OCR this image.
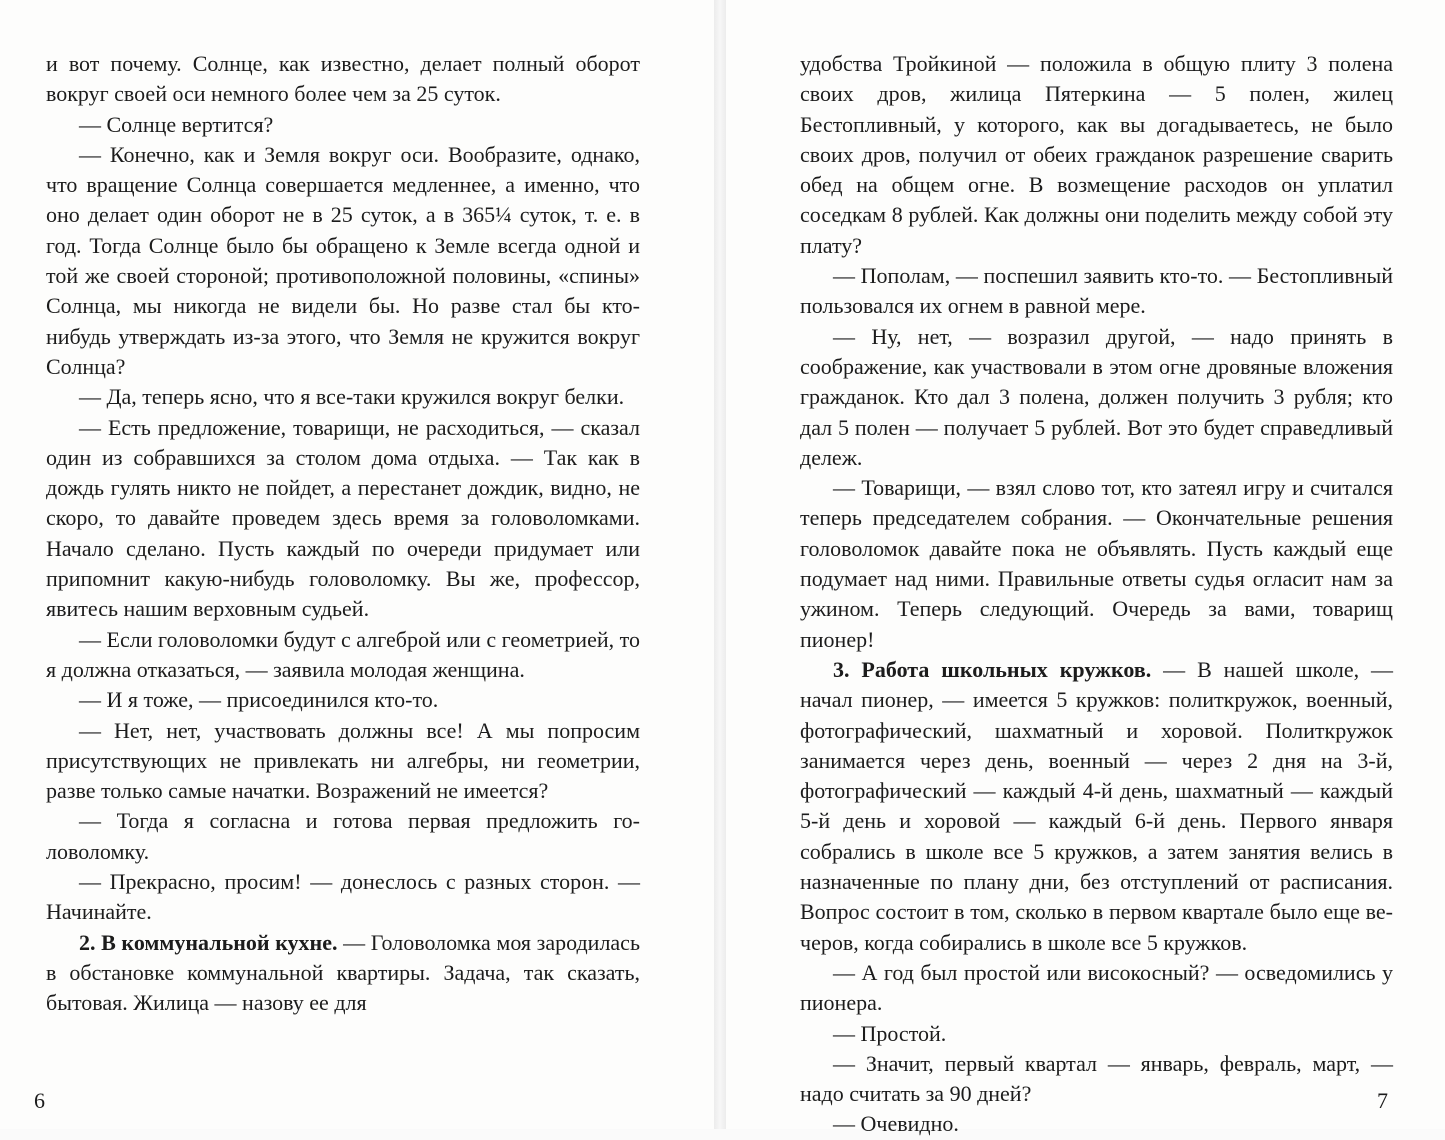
и вот почему. Солнце, как известно, делает полный оборот вокруг своей оси немного более чем за 25 суток.

— Солнце вертится?

— Конечно, как и Земля вокруг оси. Вообразите, однако, что вращение Солнца совершается медленнее, а именно, что оно делает один оборот не в 25 суток, а в 365¼ суток, т. е. в год. Тогда Солнце было бы обращено к Земле всегда одной и той же своей стороной; противоположной половины, «спины» Солнца, мы никогда не видели бы. Но разве стал бы кто-нибудь утверждать из-за этого, что Земля не кружится вокруг Солнца?

— Да, теперь ясно, что я все-таки кружился вокруг белки.

— Есть предложение, товарищи, не расходиться, — сказал один из собравшихся за столом дома отдыха. — Так как в дождь гулять никто не пойдет, а перестанет дождик, видно, не скоро, то давайте проведем здесь время за головоломками. Начало сделано. Пусть каждый по очереди придумает или припомнит какую-нибудь головоломку. Вы же, профессор, явитесь нашим верховным судьей.

— Если головоломки будут с алгеброй или с геометрией, то я должна отказаться, — заявила молодая женщина.

— И я тоже, — присоединился кто-то.

— Нет, нет, участвовать должны все! А мы попросим присутствующих не привлекать ни алгебры, ни геометрии, разве только самые начатки. Возражений не имеется?

— Тогда я согласна и готова первая предложить головоломку.

— Прекрасно, просим! — донеслось с разных сторон. — Начинайте.

2. В коммунальной кухне. — Головоломка моя зародилась в обстановке коммунальной квартиры. Задача, так сказать, бытовая. Жилица — назову ее для

6

удобства Тройкиной — положила в общую плиту 3 полена своих дров, жилица Пятеркина — 5 полен, жилец Бестопливный, у которого, как вы догадываетесь, не было своих дров, получил от обеих гражданок разрешение сварить обед на общем огне. В возмещение расходов он уплатил соседкам 8 рублей. Как должны они поделить между собой эту плату?

— Пополам, — поспешил заявить кто-то. — Бестопливный пользовался их огнем в равной мере.

— Ну, нет, — возразил другой, — надо принять в соображение, как участвовали в этом огне дровяные вложения гражданок. Кто дал 3 полена, должен получить 3 рубля; кто дал 5 полен — получает 5 рублей. Вот это будет справедливый дележ.

— Товарищи, — взял слово тот, кто затеял игру и считался теперь председателем собрания. — Окончательные решения головоломок давайте пока не объявлять. Пусть каждый еще подумает над ними. Правильные ответы судья огласит нам за ужином. Теперь следующий. Очередь за вами, товарищ пионер!

3. Работа школьных кружков. — В нашей школе, — начал пионер, — имеется 5 кружков: политкружок, военный, фотографический, шахматный и хоровой. Политкружок занимается через день, военный — через 2 дня на 3-й, фотографический — каждый 4-й день, шахматный — каждый 5-й день и хоровой — каждый 6-й день. Первого января собрались в школе все 5 кружков, а затем занятия велись в назначенные по плану дни, без отступлений от расписания. Вопрос состоит в том, сколько в первом квартале было еще вечеров, когда собирались в школе все 5 кружков.

— А год был простой или високосный? — осведомились у пионера.

— Простой.

— Значит, первый квартал — январь, февраль, март, — надо считать за 90 дней?

— Очевидно.

7
